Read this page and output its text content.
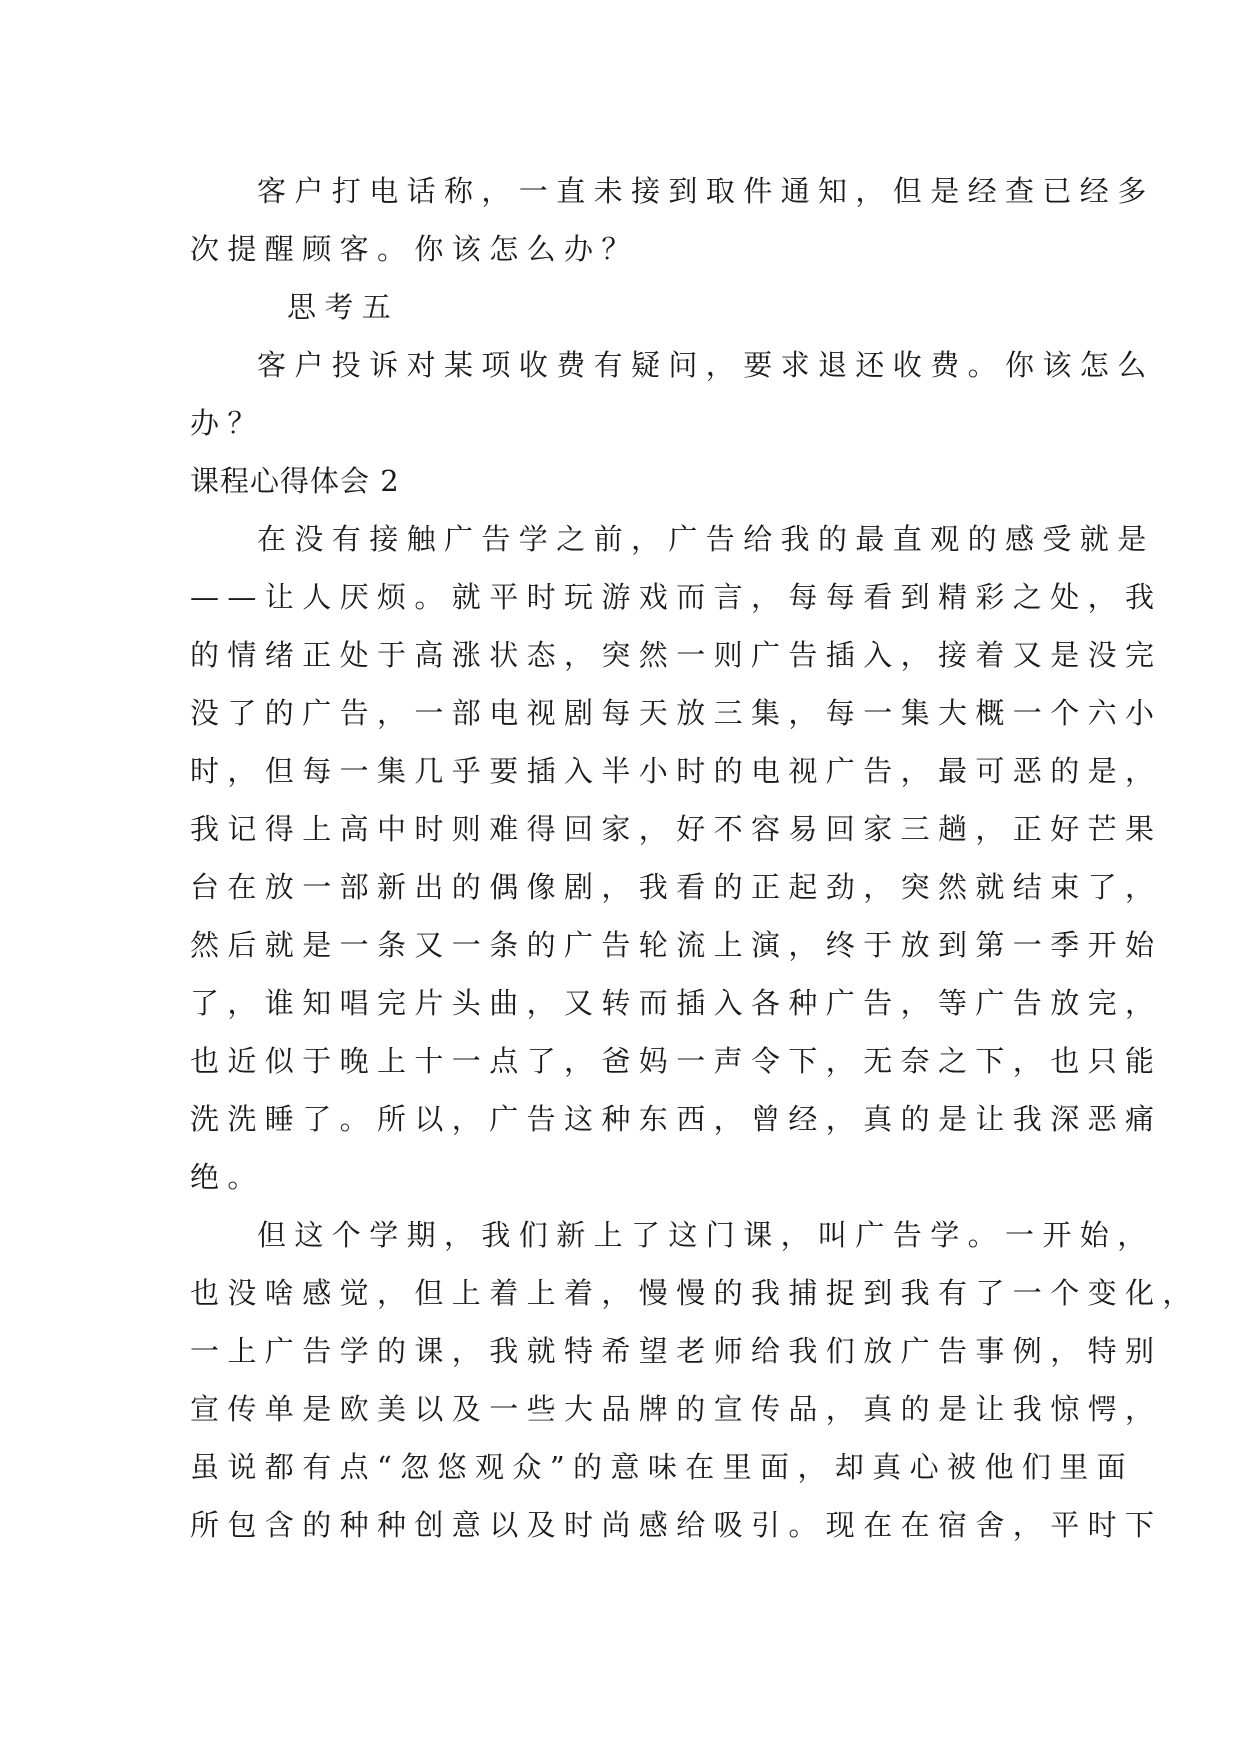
客户打电话称，一直未接到取件通知，但是经查已经多
次提醒顾客。你该怎么办？
思考五
客户投诉对某项收费有疑问，要求退还收费。你该怎么
办？
课程心得体会 2
在没有接触广告学之前，广告给我的最直观的感受就是
——让人厌烦。就平时玩游戏而言，每每看到精彩之处，我
的情绪正处于高涨状态，突然一则广告插入，接着又是没完
没了的广告，一部电视剧每天放三集，每一集大概一个六小
时，但每一集几乎要插入半小时的电视广告，最可恶的是，
我记得上高中时则难得回家，好不容易回家三趟，正好芒果
台在放一部新出的偶像剧，我看的正起劲，突然就结束了，
然后就是一条又一条的广告轮流上演，终于放到第一季开始
了，谁知唱完片头曲，又转而插入各种广告，等广告放完，
也近似于晚上十一点了，爸妈一声令下，无奈之下，也只能
洗洗睡了。所以，广告这种东西，曾经，真的是让我深恶痛
绝。
但这个学期，我们新上了这门课，叫广告学。一开始，
也没啥感觉，但上着上着，慢慢的我捕捉到我有了一个变化，
一上广告学的课，我就特希望老师给我们放广告事例，特别
宣传单是欧美以及一些大品牌的宣传品，真的是让我惊愕，
虽说都有点“忽悠观众”的意味在里面，却真心被他们里面
所包含的种种创意以及时尚感给吸引。现在在宿舍，平时下
